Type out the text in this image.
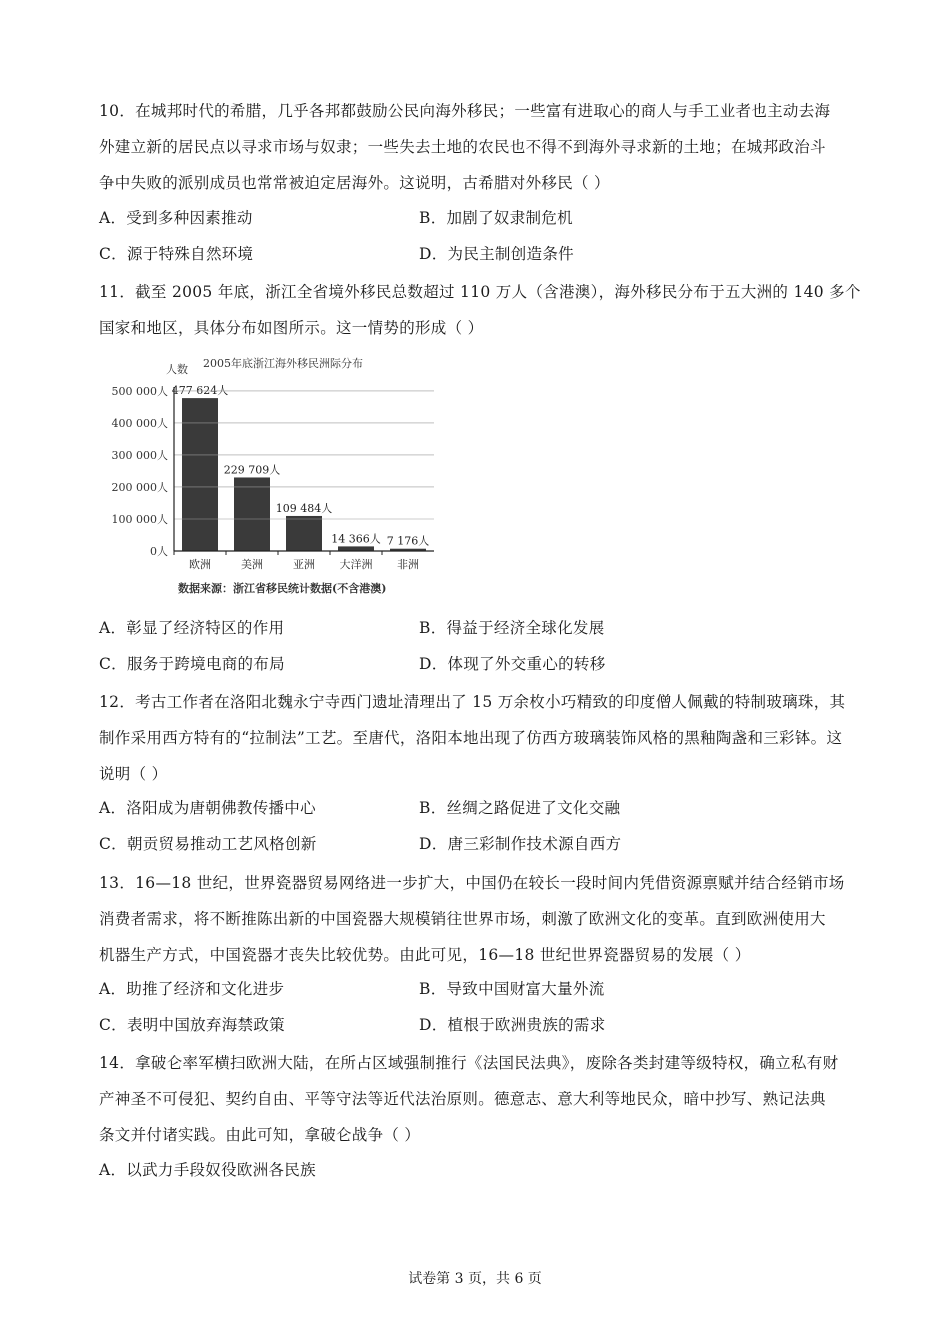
10．在城邦时代的希腊，几乎各邦都鼓励公民向海外移民；一些富有进取心的商人与手工业者也主动去海
外建立新的居民点以寻求市场与奴隶；一些失去土地的农民也不得不到海外寻求新的土地；在城邦政治斗
争中失败的派别成员也常常被迫定居海外。这说明，古希腊对外移民（ ）
A．受到多种因素推动	B．加剧了奴隶制危机
C．源于特殊自然环境	D．为民主制创造条件
11．截至 2005 年底，浙江全省境外移民总数超过 110 万人（含港澳），海外移民分布于五大洲的 140 多个
国家和地区，具体分布如图所示。这一情势的形成（ ）
人数 2005年底浙江海外移民洲际分布
0人
100 000人
200 000人
300 000人
400 000人
500 000人 477 624人
229 709人
109 484人
14 366人 7 176人
欧洲	美洲	亚洲 大洋洲 非洲
数据来源：浙江省移民统计数据(不含港澳)
A．彰显了经济特区的作用	B．得益于经济全球化发展
C．服务于跨境电商的布局	D．体现了外交重心的转移
12．考古工作者在洛阳北魏永宁寺西门遗址清理出了 15 万余枚小巧精致的印度僧人佩戴的特制玻璃珠，其
制作采用西方特有的“拉制法”工艺。至唐代，洛阳本地出现了仿西方玻璃装饰风格的黑釉陶盏和三彩钵。这
说明（ ）
A．洛阳成为唐朝佛教传播中心	B．丝绸之路促进了文化交融
C．朝贡贸易推动工艺风格创新	D．唐三彩制作技术源自西方
13．16—18 世纪，世界瓷器贸易网络进一步扩大，中国仍在较长一段时间内凭借资源禀赋并结合经销市场
消费者需求，将不断推陈出新的中国瓷器大规模销往世界市场，刺激了欧洲文化的变革。直到欧洲使用大
机器生产方式，中国瓷器才丧失比较优势。由此可见，16—18 世纪世界瓷器贸易的发展（ ）
A．助推了经济和文化进步	B．导致中国财富大量外流
C．表明中国放弃海禁政策	D．植根于欧洲贵族的需求
14．拿破仑率军横扫欧洲大陆，在所占区域强制推行《法国民法典》，废除各类封建等级特权，确立私有财
产神圣不可侵犯、契约自由、平等守法等近代法治原则。德意志、意大利等地民众，暗中抄写、熟记法典
条文并付诸实践。由此可知，拿破仑战争（ ）
A．以武力手段奴役欧洲各民族
试卷第 3 页，共 6 页
